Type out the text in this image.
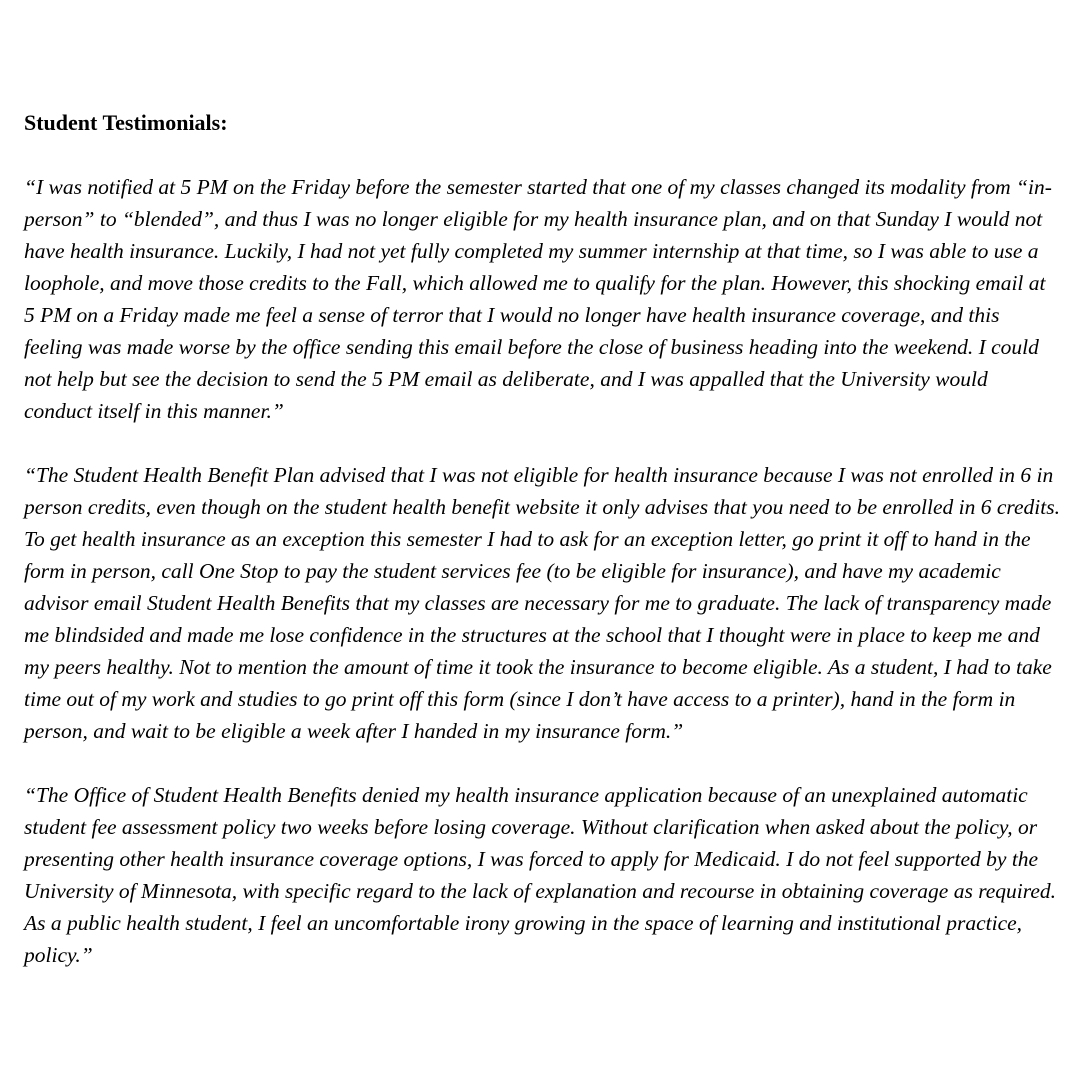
Student Testimonials:

“I was notified at 5 PM on the Friday before the semester started that one of my classes changed its modality from “in-person” to “blended”, and thus I was no longer eligible for my health insurance plan, and on that Sunday I would not have health insurance. Luckily, I had not yet fully completed my summer internship at that time, so I was able to use a loophole, and move those credits to the Fall, which allowed me to qualify for the plan. However, this shocking email at 5 PM on a Friday made me feel a sense of terror that I would no longer have health insurance coverage, and this feeling was made worse by the office sending this email before the close of business heading into the weekend. I could not help but see the decision to send the 5 PM email as deliberate, and I was appalled that the University would conduct itself in this manner.”

“The Student Health Benefit Plan advised that I was not eligible for health insurance because I was not enrolled in 6 in person credits, even though on the student health benefit website it only advises that you need to be enrolled in 6 credits. To get health insurance as an exception this semester I had to ask for an exception letter, go print it off to hand in the form in person, call One Stop to pay the student services fee (to be eligible for insurance), and have my academic advisor email Student Health Benefits that my classes are necessary for me to graduate. The lack of transparency made me blindsided and made me lose confidence in the structures at the school that I thought were in place to keep me and my peers healthy. Not to mention the amount of time it took the insurance to become eligible. As a student, I had to take time out of my work and studies to go print off this form (since I don’t have access to a printer), hand in the form in person, and wait to be eligible a week after I handed in my insurance form.”

“The Office of Student Health Benefits denied my health insurance application because of an unexplained automatic student fee assessment policy two weeks before losing coverage. Without clarification when asked about the policy, or presenting other health insurance coverage options, I was forced to apply for Medicaid. I do not feel supported by the University of Minnesota, with specific regard to the lack of explanation and recourse in obtaining coverage as required. As a public health student, I feel an uncomfortable irony growing in the space of learning and institutional practice, policy.”
